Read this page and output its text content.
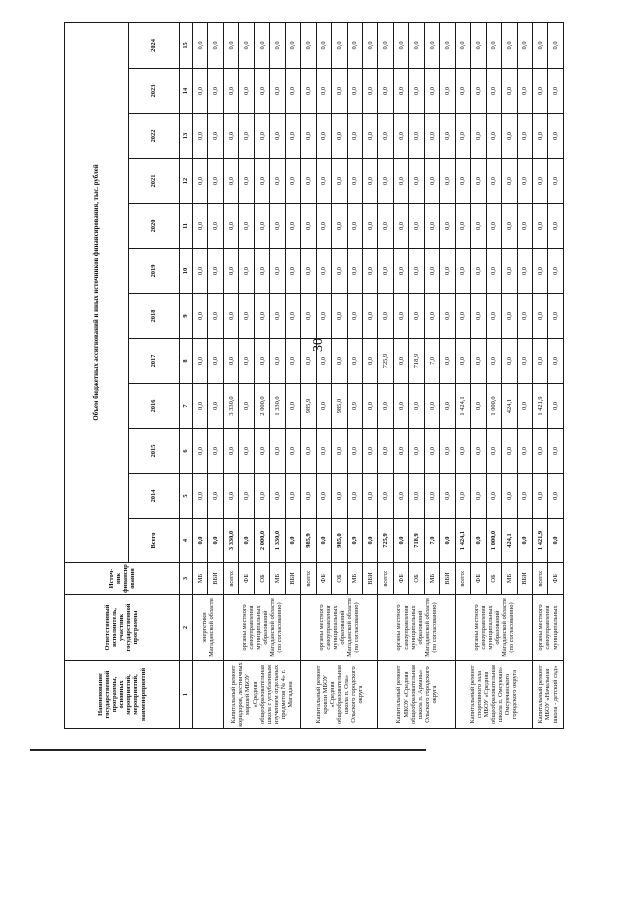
30
Наименование государственной программы, основных мероприятий, мероприятий, наименорприятий	Ответственный исполнитель, участник государственной программы	Источ-ник финансир ования	Объем бюджетных ассигнований и иных источников финансирования, тыс. рублей											
			Всего	2014	2015	2016	2017	2018	2019	2020	2021	2022	2023	2024
1	2	3	4	5	6	7	8	9	10	11	12	13	14	15
	энергетики Магаданской области	МБ	0,0	0,0	0,0	0,0	0,0	0,0	0,0	0,0	0,0	0,0	0,0	0,0
		ВБИ	0,0	0,0	0,0	0,0	0,0	0,0	0,0	0,0	0,0	0,0	0,0	0,0
Капитальный ремонт коридоров, лестничных маршей МБОУ «Средняя общеобразовательная школа с углубленным изучением отдельных предметов № 4» г. Магадана	органы местного самоуправления муниципальных образований Магаданской области (по согласованию)	всего:	3 330,0	0,0	0,0	3 330,0	0,0	0,0	0,0	0,0	0,0	0,0	0,0	0,0
		ФБ	0,0	0,0	0,0	0,0	0,0	0,0	0,0	0,0	0,0	0,0	0,0	0,0
		ОБ	2 000,0	0,0	0,0	2 000,0	0,0	0,0	0,0	0,0	0,0	0,0	0,0	0,0
		МБ	1 330,0	0,0	0,0	1 330,0	0,0	0,0	0,0	0,0	0,0	0,0	0,0	0,0
		ВБИ	0,0	0,0	0,0	0,0	0,0	0,0	0,0	0,0	0,0	0,0	0,0	0,0
Капитальный ремонт кровли МБОУ «Средняя общеобразовательная школа п. Ола» Ольского городского округа	органы местного самоуправления муниципальных образований Магаданской области (по согласованию)	всего:	985,9	0,0	0,0	985,9	0,0	0,0	0,0	0,0	0,0	0,0	0,0	0,0
		ФБ	0,0	0,0	0,0	0,0	0,0	0,0	0,0	0,0	0,0	0,0	0,0	0,0
		ОБ	985,0	0,0	0,0	985,0	0,0	0,0	0,0	0,0	0,0	0,0	0,0	0,0
		МБ	0,9	0,0	0,0	0,9	0,0	0,0	0,0	0,0	0,0	0,0	0,0	0,0
		ВБИ	0,0	0,0	0,0	0,0	0,0	0,0	0,0	0,0	0,0	0,0	0,0	0,0
Капитальный ремонт МКОУ «Средняя общеобразовательная школа п. Армань» Ольского городского округа	органы местного самоуправления муниципальных образований Магаданской области (по согласованию)	всего:	725,9	0,0	0,0	0,0	725,9	0,0	0,0	0,0	0,0	0,0	0,0	0,0
		ФБ	0,0	0,0	0,0	0,0	0,0	0,0	0,0	0,0	0,0	0,0	0,0	0,0
		ОБ	718,9	0,0	0,0	0,0	718,9	0,0	0,0	0,0	0,0	0,0	0,0	0,0
		МБ	7,0	0,0	0,0	0,0	7,0	0,0	0,0	0,0	0,0	0,0	0,0	0,0
		ВБИ	0,0	0,0	0,0	0,0	0,0	0,0	0,0	0,0	0,0	0,0	0,0	0,0
Капитальный ремонт спортивного зала МБОУ «Средняя общеобразовательная школа п. Омсукчан» Омсукчанского городского округа	органы местного самоуправления муниципальных образований Магаданской области (по согласованию)	всего:	1 424,1	0,0	0,0	1 424,1	0,0	0,0	0,0	0,0	0,0	0,0	0,0	0,0
		ФБ	0,0	0,0	0,0	0,0	0,0	0,0	0,0	0,0	0,0	0,0	0,0	0,0
		ОБ	1 000,0	0,0	0,0	1 000,0	0,0	0,0	0,0	0,0	0,0	0,0	0,0	0,0
		МБ	424,1	0,0	0,0	424,1	0,0	0,0	0,0	0,0	0,0	0,0	0,0	0,0
		ВБИ	0,0	0,0	0,0	0,0	0,0	0,0	0,0	0,0	0,0	0,0	0,0	0,0
Капитальный ремонт МБОУ «Начальная школа - детский сад»	органы местного самоуправления муниципальных	всего:	1 421,9	0,0	0,0	1 421,9	0,0	0,0	0,0	0,0	0,0	0,0	0,0	0,0
		ФБ	0,0	0,0	0,0	0,0	0,0	0,0	0,0	0,0	0,0	0,0	0,0	0,0
